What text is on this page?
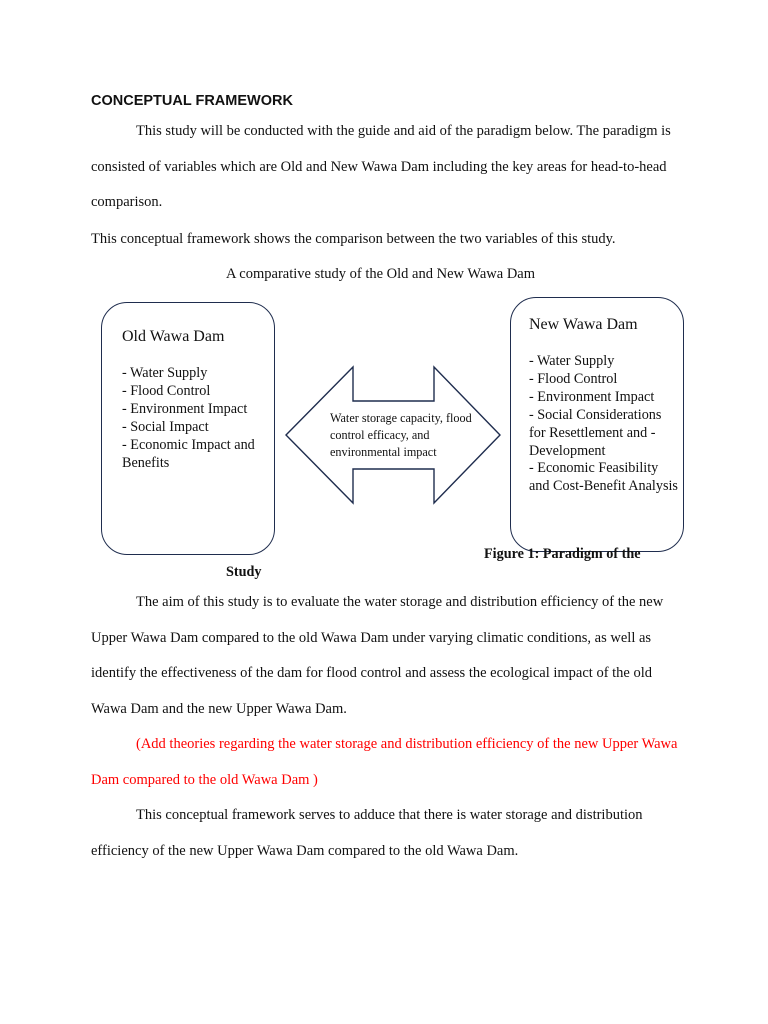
CONCEPTUAL FRAMEWORK

This study will be conducted with the guide and aid of the paradigm below. The paradigm is consisted of variables which are Old and New Wawa Dam including the key areas for head-to-head comparison.

This conceptual framework shows the comparison between the two variables of this study.

A comparative study of the Old and New Wawa Dam
Old Wawa Dam
- Water Supply
- Flood Control
- Environment Impact
- Social Impact
- Economic Impact and Benefits
Water storage capacity, flood control efficacy, and environmental impact
New Wawa Dam
- Water Supply
- Flood Control
- Environment Impact
- Social Considerations for Resettlement and - Development
- Economic Feasibility and Cost-Benefit Analysis
Figure 1: Paradigm of the
Study

The aim of this study is to evaluate the water storage and distribution efficiency of the new Upper Wawa Dam compared to the old Wawa Dam under varying climatic conditions, as well as identify the effectiveness of the dam for flood control and assess the ecological impact of the old Wawa Dam and the new Upper Wawa Dam.

(Add theories regarding the water storage and distribution efficiency of the new Upper Wawa Dam compared to the old Wawa Dam )

This conceptual framework serves to adduce that there is water storage and distribution efficiency of the new Upper Wawa Dam compared to the old Wawa Dam.
